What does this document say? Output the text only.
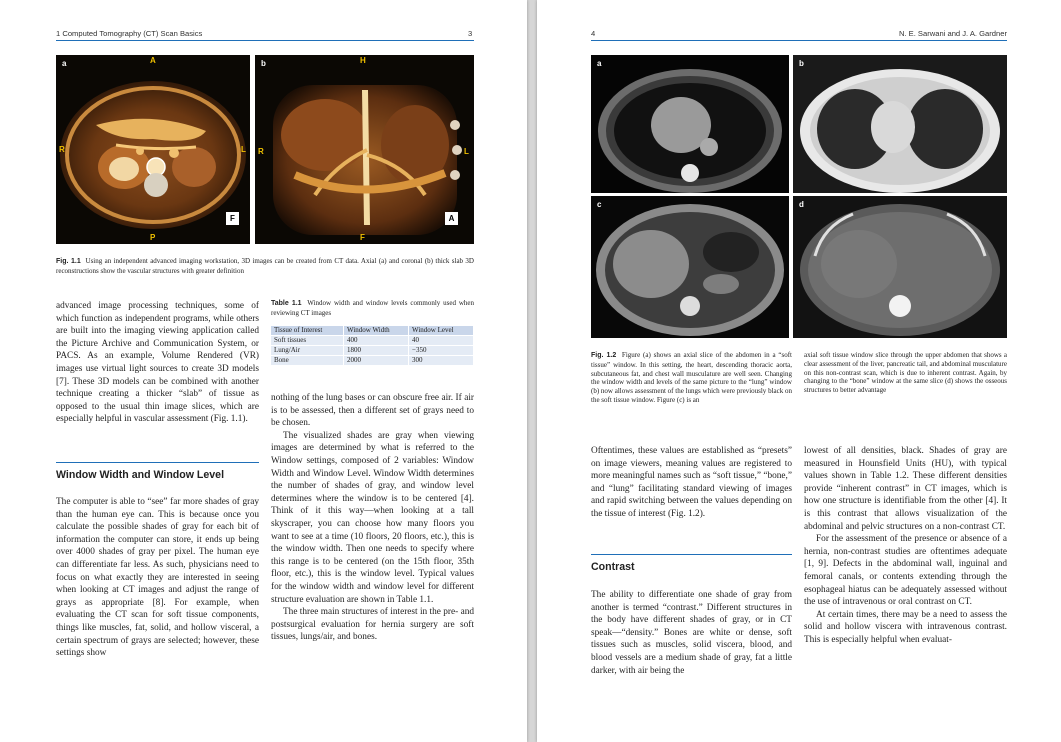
1 Computed Tomography (CT) Scan Basics	3
a	A
R	L
P
F
b	H
R	L
F
A
Fig. 1.1 Using an independent advanced imaging workstation, 3D images can be created from CT data. Axial (a) and coronal (b) thick slab 3D reconstructions show the vascular structures with greater definition

advanced image processing techniques, some of which function as independent programs, while others are built into the imaging viewing application called the Picture Archive and Communication System, or PACS. As an example, Volume Rendered (VR) images use virtual light sources to create 3D models [7]. These 3D models can be combined with another technique creating a thicker “slab” of tissue as opposed to the usual thin image slices, which are especially helpful in vascular assessment (Fig. 1.1).

Window Width and Window Level

The computer is able to “see” far more shades of gray than the human eye can. This is because once you calculate the possible shades of gray for each bit of information the computer can store, it ends up being over 4000 shades of gray per pixel. The human eye can differentiate far less. As such, physicians need to focus on what exactly they are interested in seeing when looking at CT images and adjust the range of grays as appropriate [8]. For example, when evaluating the CT scan for soft tissue components, things like muscles, fat, solid, and hollow visceral, a certain spectrum of grays are selected; however, these settings show

Table 1.1 Window width and window levels commonly used when reviewing CT images
Tissue of Interest	Window Width	Window Level
Soft tissues	400	40
Lung/Air	1800	−350
Bone	2000	300

nothing of the lung bases or can obscure free air. If air is to be assessed, then a different set of grays need to be chosen.

The visualized shades are gray when viewing images are determined by what is referred to the Window settings, composed of 2 variables: Window Width and Window Level. Window Width determines the number of shades of gray, and window level determines where the window is to be centered [4]. Think of it this way—when looking at a tall skyscraper, you can choose how many floors you want to see at a time (10 floors, 20 floors, etc.), this is the window width. Then one needs to specify where this range is to be centered (on the 15th floor, 35th floor, etc.), this is the window level. Typical values for the window width and window level for different structure evaluation are shown in Table 1.1.

The three main structures of interest in the pre- and postsurgical evaluation for hernia surgery are soft tissues, lungs/air, and bones.

4	N. E. Sarwani and J. A. Gardner
a	b
c	d
Fig. 1.2 Figure (a) shows an axial slice of the abdomen in a “soft tissue” window. In this setting, the heart, descending thoracic aorta, subcutaneous fat, and chest wall musculature are well seen. Changing the window width and levels of the same picture to the “lung” window (b) now allows assessment of the lungs which were previously black on the soft tissue window. Figure (c) is an
axial soft tissue window slice through the upper abdomen that shows a clear assessment of the liver, pancreatic tail, and abdominal musculature on this non-contrast scan, which is due to inherent contrast. Again, by changing to the “bone” window at the same slice (d) shows the osseous structures to better advantage

Oftentimes, these values are established as “presets” on image viewers, meaning values are registered to more meaningful names such as “soft tissue,” “bone,” and “lung” facilitating standard viewing of images and rapid switching between the values depending on the tissue of interest (Fig. 1.2).

Contrast

The ability to differentiate one shade of gray from another is termed “contrast.” Different structures in the body have different shades of gray, or in CT speak—“density.” Bones are white or dense, soft tissues such as muscles, solid viscera, blood, and blood vessels are a medium shade of gray, fat a little darker, with air being the

lowest of all densities, black. Shades of gray are measured in Hounsfield Units (HU), with typical values shown in Table 1.2. These different densities provide “inherent contrast” in CT images, which is how one structure is identifiable from the other [4]. It is this contrast that allows visualization of the abdominal and pelvic structures on a non-contrast CT.

For the assessment of the presence or absence of a hernia, non-contrast studies are oftentimes adequate [1, 9]. Defects in the abdominal wall, inguinal and femoral canals, or contents extending through the esophageal hiatus can be adequately assessed without the use of intravenous or oral contrast on CT.

At certain times, there may be a need to assess the solid and hollow viscera with intravenous contrast. This is especially helpful when evaluat-
